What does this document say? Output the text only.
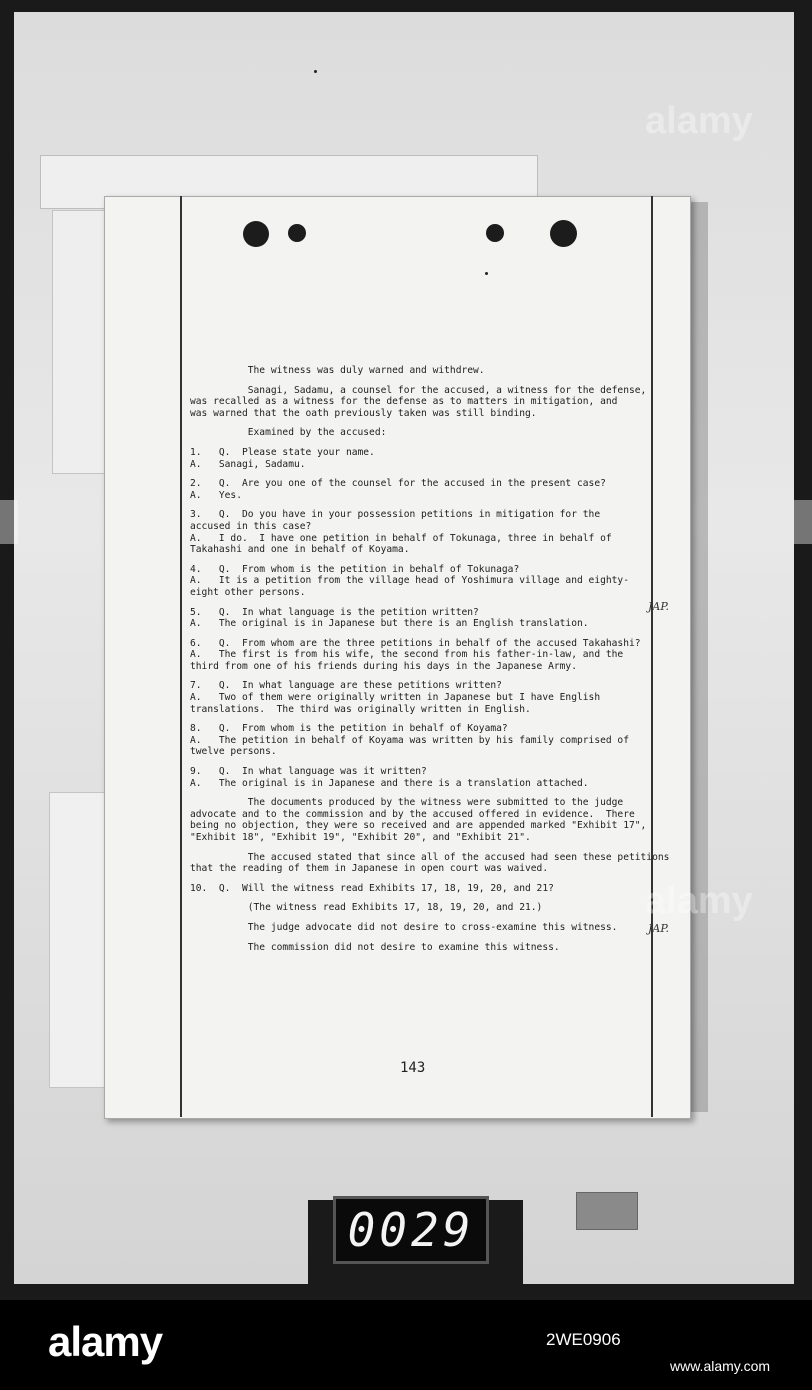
The witness was duly warned and withdrew.

Sanagi, Sadamu, a counsel for the accused, a witness for the defense,
was recalled as a witness for the defense as to matters in mitigation, and
was warned that the oath previously taken was still binding.

Examined by the accused:

1.   Q.  Please state your name.
A.   Sanagi, Sadamu.

2.   Q.  Are you one of the counsel for the accused in the present case?
A.   Yes.

3.   Q.  Do you have in your possession petitions in mitigation for the
accused in this case?
A.   I do.  I have one petition in behalf of Tokunaga, three in behalf of
Takahashi and one in behalf of Koyama.

4.   Q.  From whom is the petition in behalf of Tokunaga?
A.   It is a petition from the village head of Yoshimura village and eighty-
eight other persons.

5.   Q.  In what language is the petition written?
A.   The original is in Japanese but there is an English translation.

6.   Q.  From whom are the three petitions in behalf of the accused Takahashi?
A.   The first is from his wife, the second from his father-in-law, and the
third from one of his friends during his days in the Japanese Army.

7.   Q.  In what language are these petitions written?
A.   Two of them were originally written in Japanese but I have English
translations.  The third was originally written in English.

8.   Q.  From whom is the petition in behalf of Koyama?
A.   The petition in behalf of Koyama was written by his family comprised of
twelve persons.

9.   Q.  In what language was it written?
A.   The original is in Japanese and there is a translation attached.

The documents produced by the witness were submitted to the judge
advocate and to the commission and by the accused offered in evidence.  There
being no objection, they were so received and are appended marked "Exhibit 17",
"Exhibit 18", "Exhibit 19", "Exhibit 20", and "Exhibit 21".

The accused stated that since all of the accused had seen these petitions
that the reading of them in Japanese in open court was waived.

10.  Q.  Will the witness read Exhibits 17, 18, 19, 20, and 21?

(The witness read Exhibits 17, 18, 19, 20, and 21.)

The judge advocate did not desire to cross-examine this witness.

The commission did not desire to examine this witness.

JAP.
JAP.
143
0029
alamy
alamy
alamy	2WE0906
www.alamy.com
